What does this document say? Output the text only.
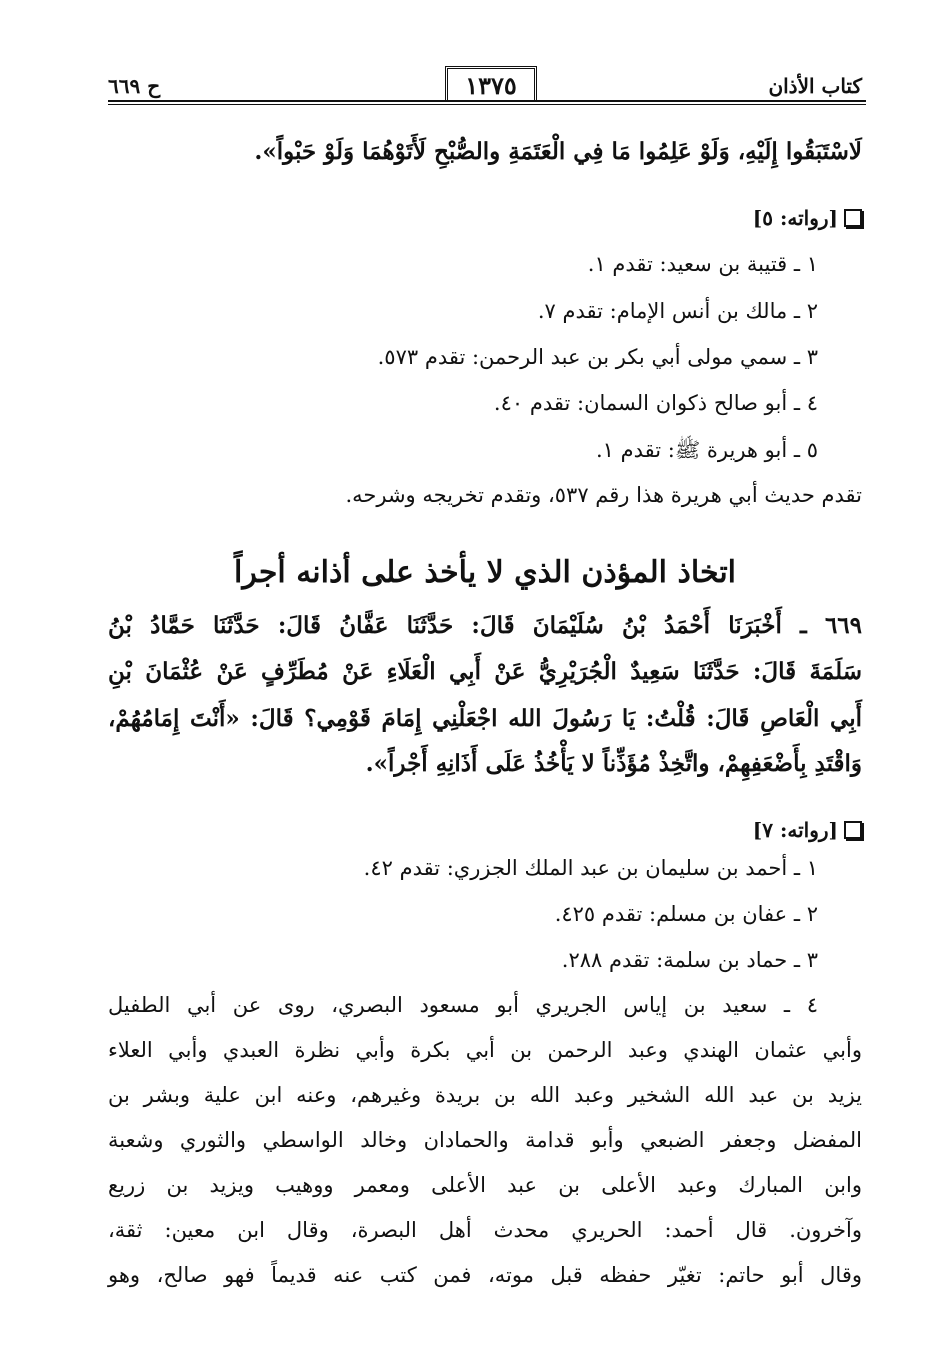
كتاب الأذان
١٣٧٥
ح ٦٦٩
لَاسْتَبَقُوا إِلَيْهِ، وَلَوْ عَلِمُوا مَا فِي الْعَتَمَةِ والصُّبْحِ لَأَتَوْهُمَا وَلَوْ حَبْواً».
[رواته: ٥]
١ ـ قتيبة بن سعيد: تقدم ١.
٢ ـ مالك بن أنس الإمام: تقدم ٧.
٣ ـ سمي مولى أبي بكر بن عبد الرحمن: تقدم ٥٧٣.
٤ ـ أبو صالح ذكوان السمان: تقدم ٤٠.
٥ ـ أبو هريرة ﷺ: تقدم ١.
تقدم حديث أبي هريرة هذا رقم ٥٣٧، وتقدم تخريجه وشرحه.
اتخاذ المؤذن الذي لا يأخذ على أذانه أجراً
٦٦٩ ـ أَخْبَرَنَا أَحْمَدُ بْنُ سُلَيْمَانَ قَالَ: حَدَّثَنَا عَفَّانُ قَالَ: حَدَّثَنَا حَمَّادُ بْنُ
سَلَمَةَ قَالَ: حَدَّثَنَا سَعِيدٌ الْجُرَيْرِيُّ عَنْ أَبِي الْعَلَاءِ عَنْ مُطَرِّفٍ عَنْ عُثْمَانَ بْنِ
أَبِي الْعَاصِ قَالَ: قُلْتُ: يَا رَسُولَ الله اجْعَلْنِي إِمَامَ قَوْمِي؟ قَالَ: «أَنْتَ إِمَامُهُمْ،
وَاقْتَدِ بِأَضْعَفِهِمْ، واتَّخِذْ مُؤَذِّناً لا يَأْخُذُ عَلَى أَذَانِهِ أَجْراً».
[رواته: ٧]
١ ـ أحمد بن سليمان بن عبد الملك الجزري: تقدم ٤٢.
٢ ـ عفان بن مسلم: تقدم ٤٢٥.
٣ ـ حماد بن سلمة: تقدم ٢٨٨.
٤ ـ سعيد بن إياس الجريري أبو مسعود البصري، روى عن أبي الطفيل
وأبي عثمان الهندي وعبد الرحمن بن أبي بكرة وأبي نظرة العبدي وأبي العلاء
يزيد بن عبد الله الشخير وعبد الله بن بريدة وغيرهم، وعنه ابن علية وبشر بن
المفضل وجعفر الضبعي وأبو قدامة والحمادان وخالد الواسطي والثوري وشعبة
وابن المبارك وعبد الأعلى بن عبد الأعلى ومعمر ووهيب ويزيد بن زريع
وآخرون. قال أحمد: الحريري محدث أهل البصرة، وقال ابن معين: ثقة،
وقال أبو حاتم: تغيّر حفظه قبل موته، فمن كتب عنه قديماً فهو صالح، وهو
